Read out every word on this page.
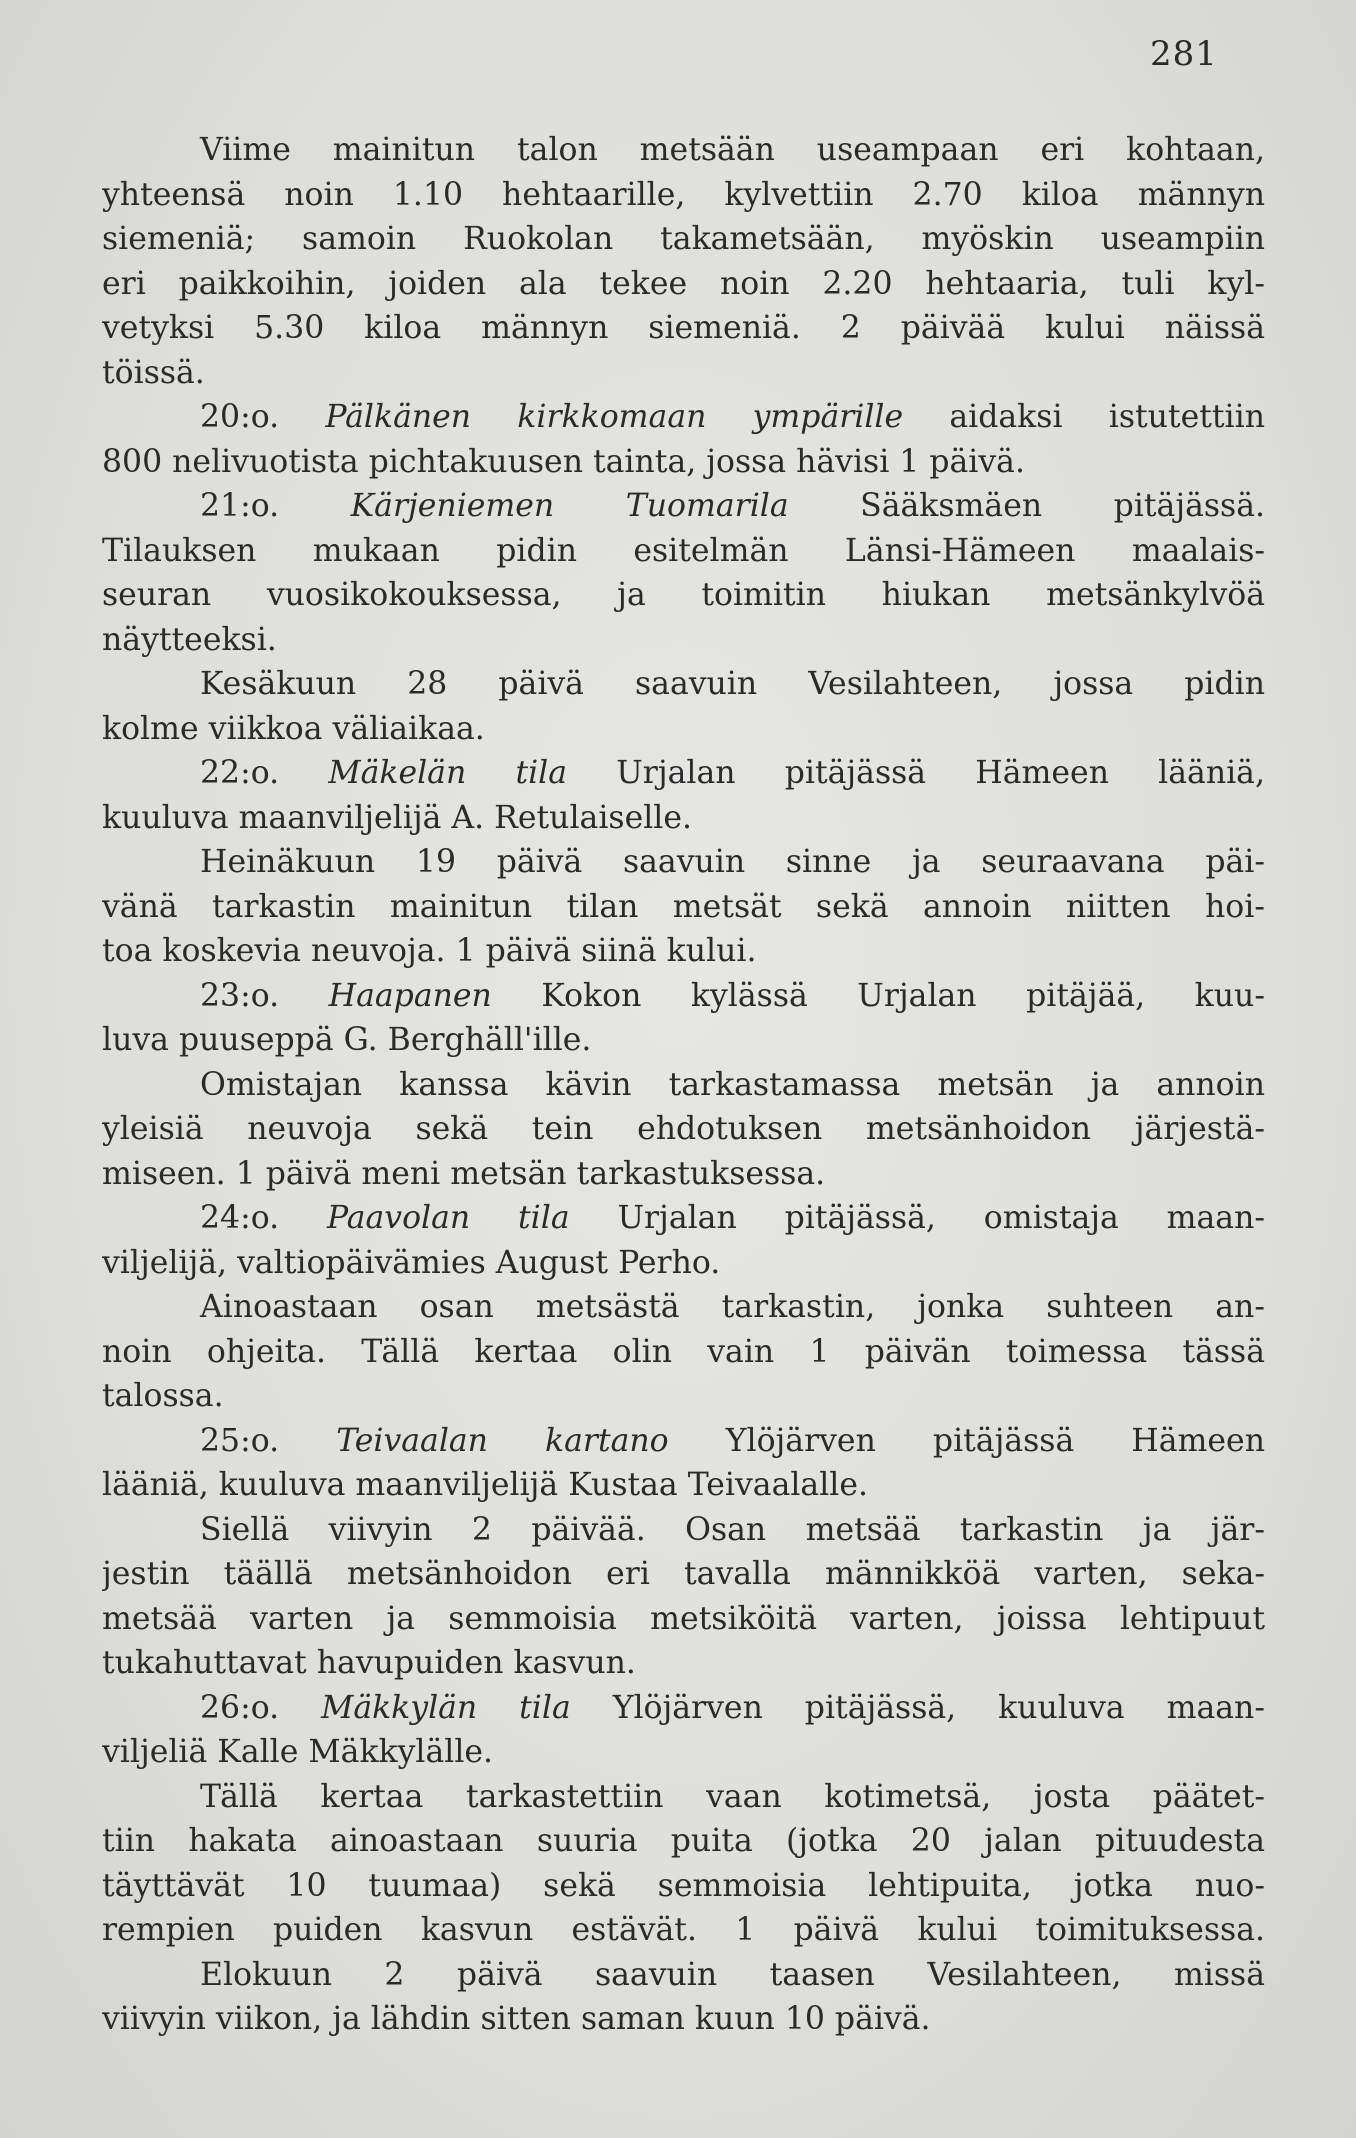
281
Viime mainitun talon metsään useampaan eri kohtaan,
yhteensä noin 1.10 hehtaarille, kylvettiin 2.70 kiloa männyn
siemeniä; samoin Ruokolan takametsään, myöskin useampiin
eri paikkoihin, joiden ala tekee noin 2.20 hehtaaria, tuli kyl-
vetyksi 5.30 kiloa männyn siemeniä. 2 päivää kului näissä
töissä.
20:o. Pälkänen kirkkomaan ympärille aidaksi istutettiin
800 nelivuotista pichtakuusen tainta, jossa hävisi 1 päivä.
21:o. Kärjeniemen Tuomarila Sääksmäen pitäjässä.
Tilauksen mukaan pidin esitelmän Länsi-Hämeen maalais-
seuran vuosikokouksessa, ja toimitin hiukan metsänkylvöä
näytteeksi.
Kesäkuun 28 päivä saavuin Vesilahteen, jossa pidin
kolme viikkoa väliaikaa.
22:o. Mäkelän tila Urjalan pitäjässä Hämeen lääniä,
kuuluva maanviljelijä A. Retulaiselle.
Heinäkuun 19 päivä saavuin sinne ja seuraavana päi-
vänä tarkastin mainitun tilan metsät sekä annoin niitten hoi-
toa koskevia neuvoja. 1 päivä siinä kului.
23:o. Haapanen Kokon kylässä Urjalan pitäjää, kuu-
luva puuseppä G. Berghäll'ille.
Omistajan kanssa kävin tarkastamassa metsän ja annoin
yleisiä neuvoja sekä tein ehdotuksen metsänhoidon järjestä-
miseen. 1 päivä meni metsän tarkastuksessa.
24:o. Paavolan tila Urjalan pitäjässä, omistaja maan-
viljelijä, valtiopäivämies August Perho.
Ainoastaan osan metsästä tarkastin, jonka suhteen an-
noin ohjeita. Tällä kertaa olin vain 1 päivän toimessa tässä
talossa.
25:o. Teivaalan kartano Ylöjärven pitäjässä Hämeen
lääniä, kuuluva maanviljelijä Kustaa Teivaalalle.
Siellä viivyin 2 päivää. Osan metsää tarkastin ja jär-
jestin täällä metsänhoidon eri tavalla männikköä varten, seka-
metsää varten ja semmoisia metsiköitä varten, joissa lehtipuut
tukahuttavat havupuiden kasvun.
26:o. Mäkkylän tila Ylöjärven pitäjässä, kuuluva maan-
viljeliä Kalle Mäkkylälle.
Tällä kertaa tarkastettiin vaan kotimetsä, josta päätet-
tiin hakata ainoastaan suuria puita (jotka 20 jalan pituudesta
täyttävät 10 tuumaa) sekä semmoisia lehtipuita, jotka nuo-
rempien puiden kasvun estävät. 1 päivä kului toimituksessa.
Elokuun 2 päivä saavuin taasen Vesilahteen, missä
viivyin viikon, ja lähdin sitten saman kuun 10 päivä.
